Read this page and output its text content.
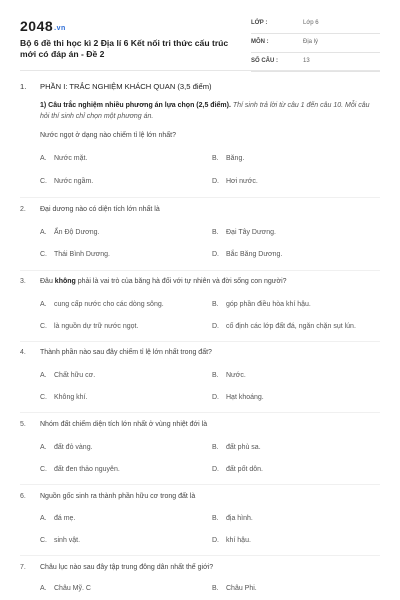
2048.vn
Bộ 6 đề thi học kì 2 Địa lí 6 Kết nối tri thức cấu trúc mới có đáp án - Đề 2
LỚP :	Lớp 6
MÔN :	Địa lý
SỐ CÂU :	13
1. PHẦN I: TRẮC NGHIỆM KHÁCH QUAN (3,5 điểm)
1) Câu trắc nghiệm nhiều phương án lựa chọn (2,5 điểm). Thí sinh trả lời từ câu 1 đến câu 10. Mỗi câu hỏi thí sinh chỉ chọn một phương án.
Nước ngọt ở dạng nào chiếm tỉ lệ lớn nhất?
A. Nước mặt.	B. Băng.
C. Nước ngầm.	D. Hơi nước.
2. Đại dương nào có diện tích lớn nhất là
A. Ấn Độ Dương.	B. Đại Tây Dương.
C. Thái Bình Dương.	D. Bắc Băng Dương.
3. Đâu không phải là vai trò của băng hà đối với tự nhiên và đời sống con người?
A. cung cấp nước cho các dòng sông.	B. góp phần điều hòa khí hậu.
C. là nguồn dự trữ nước ngọt.	D. cố định các lớp đất đá, ngăn chặn sụt lún.
4. Thành phần nào sau đây chiếm tỉ lệ lớn nhất trong đất?
A. Chất hữu cơ.	B. Nước.
C. Không khí.	D. Hạt khoáng.
5. Nhóm đất chiếm diện tích lớn nhất ở vùng nhiệt đới là
A. đất đỏ vàng.	B. đất phù sa.
C. đất đen thảo nguyên.	D. đất pốt dôn.
6. Nguồn gốc sinh ra thành phần hữu cơ trong đất là
A. đá mẹ.	B. địa hình.
C. sinh vật.	D. khí hậu.
7. Châu lục nào sau đây tập trung đông dân nhất thế giới?
A. Châu Mỹ. C	B. Châu Phi.
